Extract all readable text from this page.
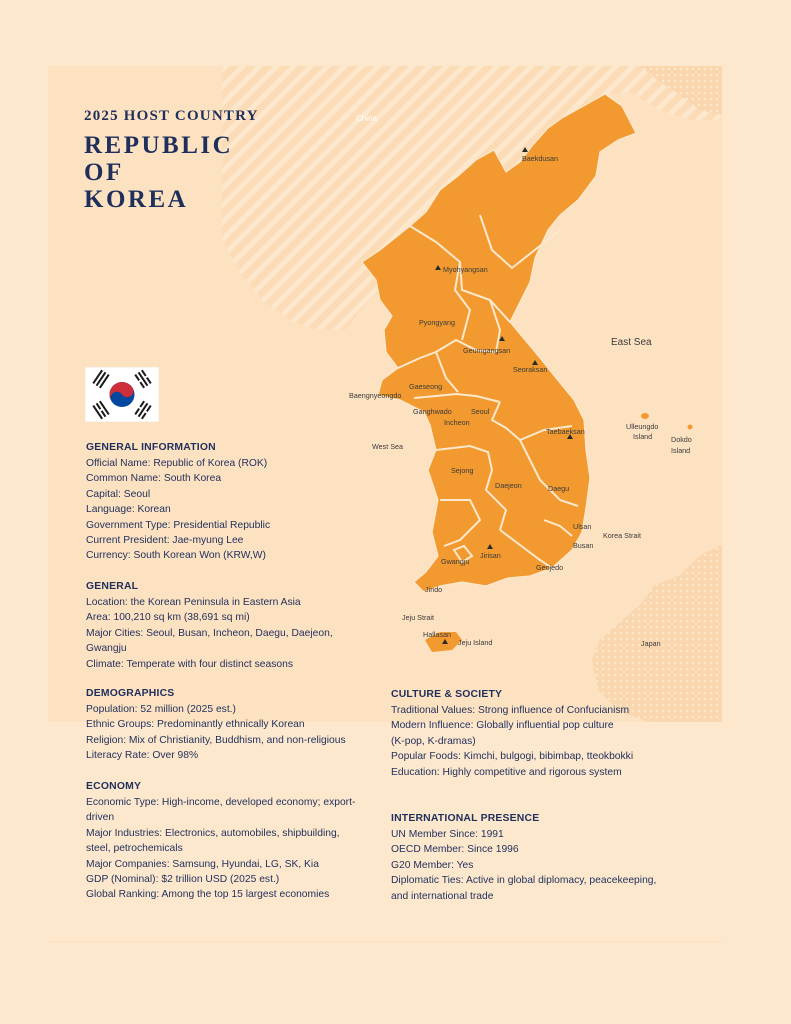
China
Baekdusan
Myohyangsan
Pyongyang
Geumgangsan
Seoraksan
Gaeseong
Baengnyeongdo
Ganghwado	Seoul
Incheon
Taebaeksan
Sejong
Daejeon	Daegu
Ulsan
Busan
Jirisan
Gwangju
Geojedo
Jindo
Hallasan
Jeju Island
Ulleungdo
Island	Dokdo
Island
Japan
East Sea
West Sea
Korea Strait
Jeju Strait
2025 HOST COUNTRY
REPUBLIC
OF
KOREA
GENERAL INFORMATION

Official Name: Republic of Korea (ROK)

Common Name: South Korea

Capital: Seoul

Language: Korean

Government Type: Presidential Republic

Current President: Jae-myung Lee

Currency: South Korean Won (KRW,W)

GENERAL

Location: the Korean Peninsula in Eastern Asia

Area: 100,210 sq km (38,691 sq mi)

Major Cities: Seoul, Busan, Incheon, Daegu, Daejeon,

Gwangju

Climate: Temperate with four distinct seasons

DEMOGRAPHICS

Population: 52 million (2025 est.)

Ethnic Groups: Predominantly ethnically Korean

Religion: Mix of Christianity, Buddhism, and non-religious

Literacy Rate: Over 98%

ECONOMY

Economic Type: High-income, developed economy; export-

driven

Major Industries: Electronics, automobiles, shipbuilding,

steel, petrochemicals

Major Companies: Samsung, Hyundai, LG, SK, Kia

GDP (Nominal): $2 trillion USD (2025 est.)

Global Ranking: Among the top 15 largest economies

CULTURE & SOCIETY

Traditional Values: Strong influence of Confucianism

Modern Influence: Globally influential pop culture

(K-pop, K-dramas)

Popular Foods: Kimchi, bulgogi, bibimbap, tteokbokki

Education: Highly competitive and rigorous system

INTERNATIONAL PRESENCE

UN Member Since: 1991

OECD Member: Since 1996

G20 Member: Yes

Diplomatic Ties: Active in global diplomacy, peacekeeping,

and international trade
